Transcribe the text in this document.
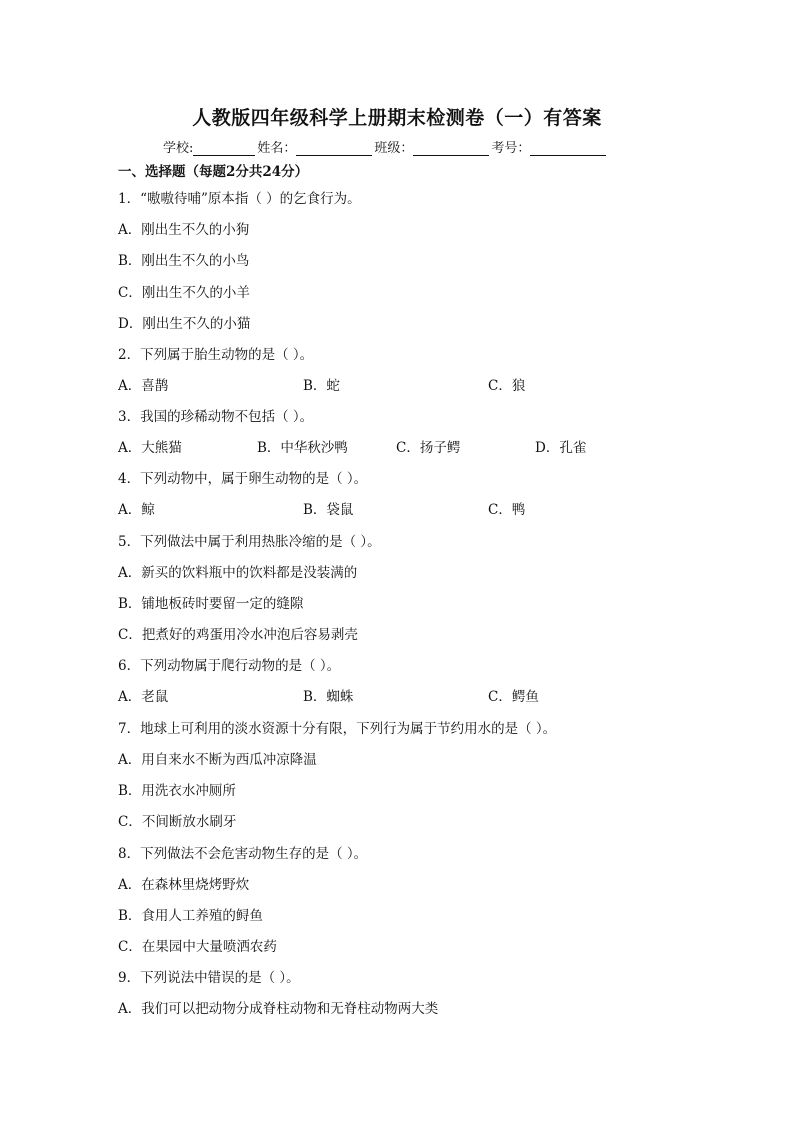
人教版四年级科学上册期末检测卷（一）有答案
学校:	姓名：	班级：	考号：
一、选择题（每题2分共24分）
1．“嗷嗷待哺”原本指（ ）的乞食行为。
A．刚出生不久的小狗
B．刚出生不久的小鸟
C．刚出生不久的小羊
D．刚出生不久的小猫
2．下列属于胎生动物的是（ ）。
A．喜鹊	B．蛇	C．狼
3．我国的珍稀动物不包括（ ）。
A．大熊猫	B．中华秋沙鸭	C．扬子鳄	D．孔雀
4．下列动物中，属于卵生动物的是（ ）。
A．鲸	B．袋鼠	C．鸭
5．下列做法中属于利用热胀冷缩的是（ ）。
A．新买的饮料瓶中的饮料都是没装满的
B．铺地板砖时要留一定的缝隙
C．把煮好的鸡蛋用冷水冲泡后容易剥壳
6．下列动物属于爬行动物的是（ ）。
A．老鼠	B．蜘蛛	C．鳄鱼
7．地球上可利用的淡水资源十分有限，下列行为属于节约用水的是（ ）。
A．用自来水不断为西瓜冲凉降温
B．用洗衣水冲厕所
C．不间断放水刷牙
8．下列做法不会危害动物生存的是（ ）。
A．在森林里烧烤野炊
B．食用人工养殖的鲟鱼
C．在果园中大量喷洒农药
9．下列说法中错误的是（ ）。
A．我们可以把动物分成脊柱动物和无脊柱动物两大类
